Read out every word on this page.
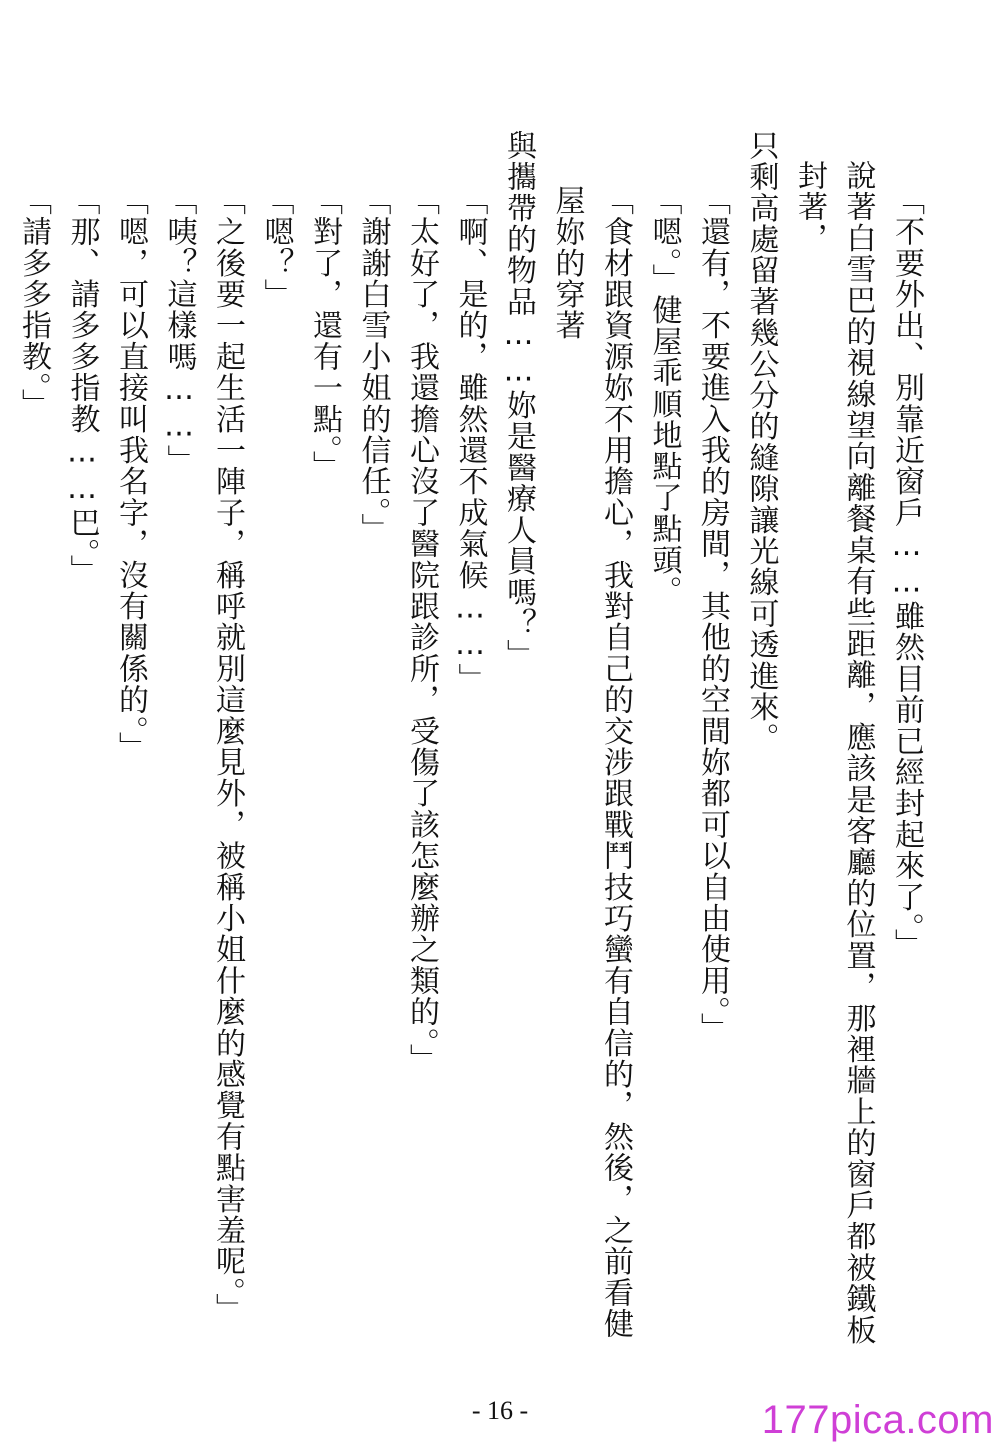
「不要外出、別靠近窗戶……雖然目前已經封起來了。」
說著白雪巴的視線望向離餐桌有些距離，應該是客廳的位置，那裡牆上的窗戶都被鐵板封著，
只剩高處留著幾公分的縫隙讓光線可透進來。
「還有，不要進入我的房間，其他的空間妳都可以自由使用。」
「嗯。」健屋乖順地點了點頭。
「食材跟資源妳不用擔心，我對自己的交涉跟戰鬥技巧蠻有自信的，然後，之前看健屋妳的穿著
與攜帶的物品……妳是醫療人員嗎？」
「啊、是的，雖然還不成氣候……」
「太好了，我還擔心沒了醫院跟診所，受傷了該怎麼辦之類的。」
「謝謝白雪小姐的信任。」
「對了，還有一點。」
「嗯？」
「之後要一起生活一陣子，稱呼就別這麼見外，被稱小姐什麼的感覺有點害羞呢。」
「咦？這樣嗎……」
「嗯，可以直接叫我名字，沒有關係的。」
「那、請多多指教……巴。」
「請多多指教。」
- 16 -	177pica.com
